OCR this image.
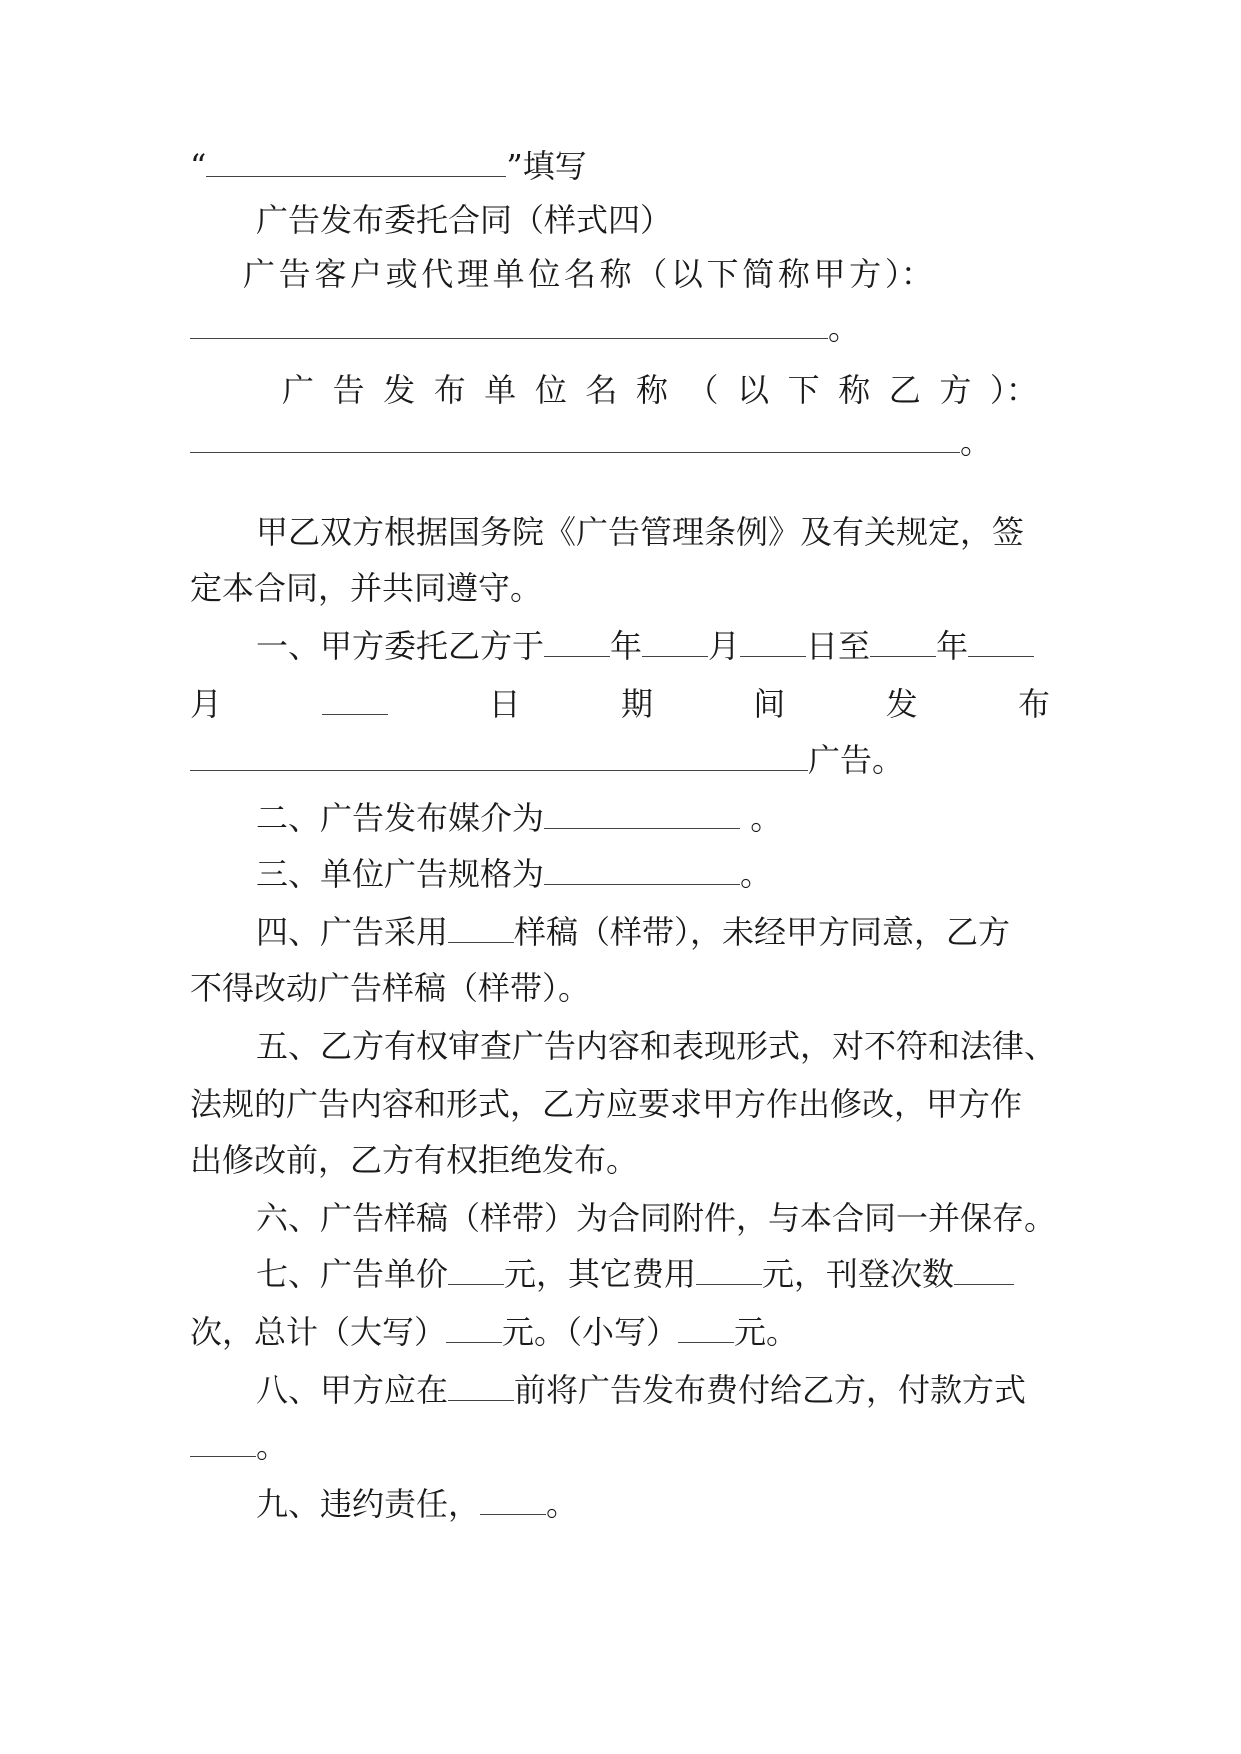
“	”填写
广告发布委托合同（样式四）
广 告 客 户 或 代 理 单 位 名 称 （ 以 下 简 称 甲 方 ）：
。
广 告 发 布 单 位 名 称 （ 以 下 称 乙 方 ）：
。
甲乙双方根据国务院《广告管理条例》及有关规定，签
定本合同，并共同遵守。
一、甲方委托乙方于 年 月 日至 年
月	日	期	间	发	布
广告。
二、广告发布媒介为	。
三、单位广告规格为	。
四、广告采用 样稿（样带），未经甲方同意，乙方
不得改动广告样稿（样带）。
五、乙方有权审查广告内容和表现形式，对不符和法律、
法规的广告内容和形式，乙方应要求甲方作出修改，甲方作
出修改前，乙方有权拒绝发布。
六、广告样稿（样带）为合同附件，与本合同一并保存。
七、广告单价 元，其它费用 元，刊登次数
次，总计（大写） 元。（小写） 元。
八、甲方应在 前将广告发布费付给乙方，付款方式
。
九、违约责任， 。
